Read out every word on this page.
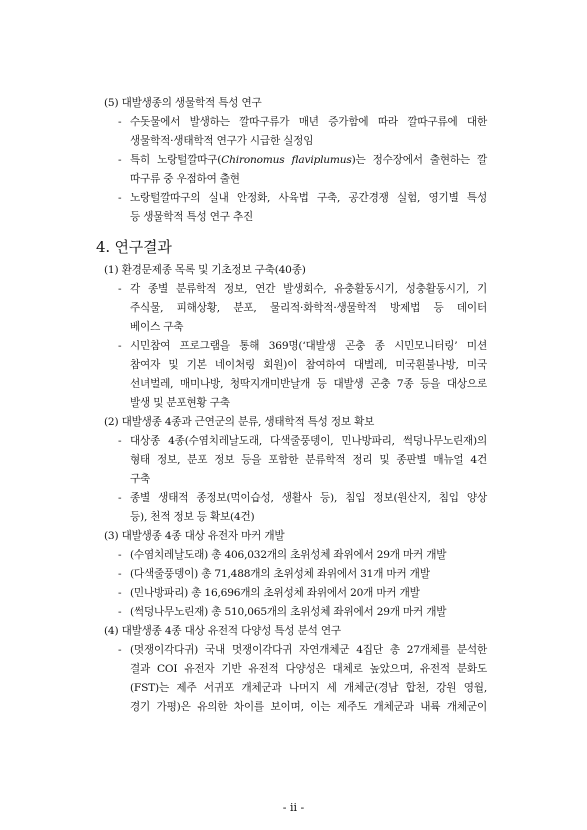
(5) 대발생종의 생물학적 특성 연구
- 수돗물에서 발생하는 깔따구류가 매년 증가함에 따라 깔따구류에 대한
생물학적·생태학적 연구가 시급한 실정임
- 특히 노랑털깔따구(Chironomus flaviplumus)는 정수장에서 출현하는 깔
따구류 중 우점하여 출현
- 노랑털깔따구의 실내 안정화, 사육법 구축, 공간경쟁 실험, 영기별 특성
등 생물학적 특성 연구 추진
4. 연구결과
(1) 환경문제종 목록 및 기초정보 구축(40종)
- 각 종별 분류학적 정보, 연간 발생회수, 유충활동시기, 성충활동시기, 기
주식물, 피해상황, 분포, 물리적·화학적·생물학적 방제법 등 데이터
베이스 구축
- 시민참여 프로그램을 통해 369명(‘대발생 곤충 종 시민모니터링’ 미션
참여자 및 기본 네이처링 회원)이 참여하여 대벌레, 미국흰불나방, 미국
선녀벌레, 매미나방, 청딱지개미반날개 등 대발생 곤충 7종 등을 대상으로
발생 및 분포현황 구축
(2) 대발생종 4종과 근연군의 분류, 생태학적 특성 정보 확보
- 대상종 4종(수염치레날도래, 다색줄풍뎅이, 민나방파리, 썩덩나무노린재)의
형태 정보, 분포 정보 등을 포함한 분류학적 정리 및 종판별 매뉴얼 4건
구축
- 종별 생태적 종정보(먹이습성, 생활사 등), 침입 정보(원산지, 침입 양상
등), 천적 정보 등 확보(4건)
(3) 대발생종 4종 대상 유전자 마커 개발
- (수염치레날도래) 총 406,032개의 초위성체 좌위에서 29개 마커 개발
- (다색줄풍뎅이) 총 71,488개의 초위성체 좌위에서 31개 마커 개발
- (민나방파리) 총 16,696개의 초위성체 좌위에서 20개 마커 개발
- (썩덩나무노린재) 총 510,065개의 초위성체 좌위에서 29개 마커 개발
(4) 대발생종 4종 대상 유전적 다양성 특성 분석 연구
- (멋쟁이각다귀) 국내 멋쟁이각다귀 자연개체군 4집단 총 27개체를 분석한
결과 COI 유전자 기반 유전적 다양성은 대체로 높았으며, 유전적 분화도
(FST)는 제주 서귀포 개체군과 나머지 세 개체군(경남 합천, 강원 영월,
경기 가평)은 유의한 차이를 보이며, 이는 제주도 개체군과 내륙 개체군이
- ii -
